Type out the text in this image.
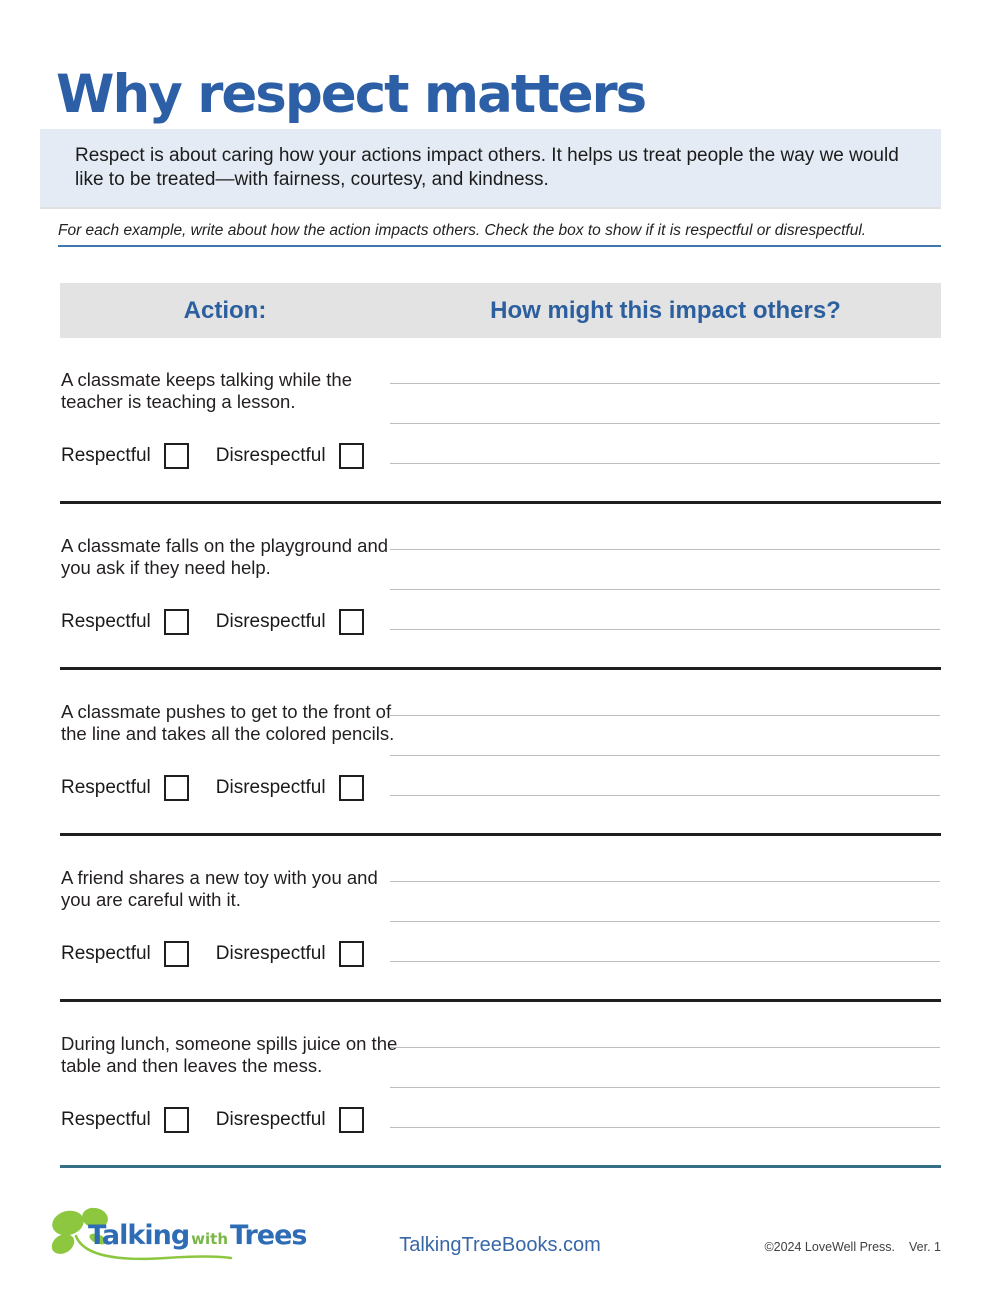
Why respect matters

Respect is about caring how your actions impact others. It helps us treat people the way we would like to be treated—with fairness, courtesy, and kindness.

For each example, write about how the action impacts others. Check the box to show if it is respectful or disrespectful.
Action:	How might this impact others?
A classmate keeps talking while the teacher is teaching a lesson.
Respectful	Disrespectful
A classmate falls on the playground and you ask if they need help.
Respectful	Disrespectful
A classmate pushes to get to the front of the line and takes all the colored pencils.
Respectful	Disrespectful
A friend shares a new toy with you and you are careful with it.
Respectful	Disrespectful
During lunch, someone spills juice on the table and then leaves the mess.
Respectful	Disrespectful
Talking with Trees	TalkingTreeBooks.com	©2024 LoveWell Press. Ver. 1
